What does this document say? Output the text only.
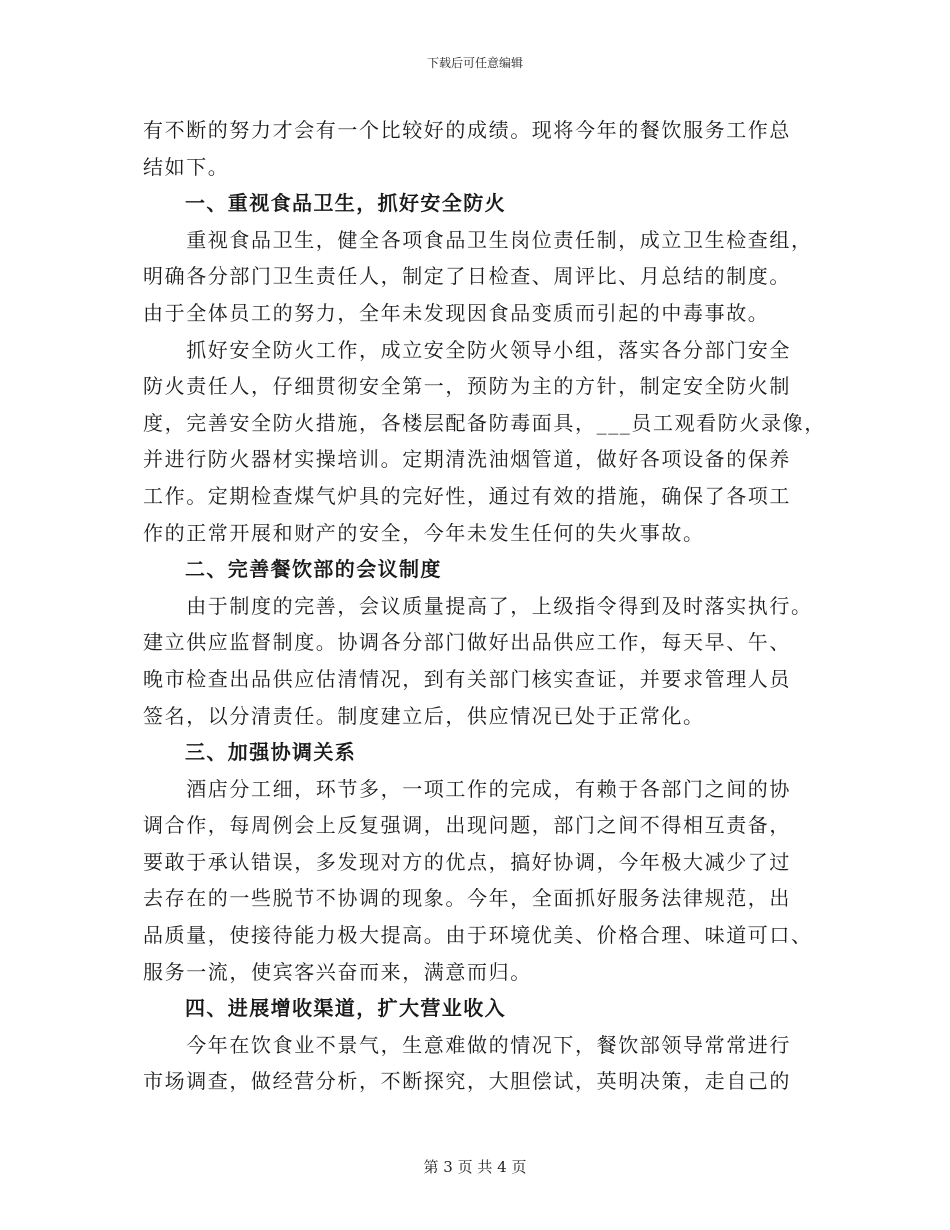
下载后可任意编辑
有不断的努力才会有一个比较好的成绩。现将今年的餐饮服务工作总
结如下。
一、重视食品卫生，抓好安全防火
　　重视食品卫生，健全各项食品卫生岗位责任制，成立卫生检查组，
明确各分部门卫生责任人，制定了日检查、周评比、月总结的制度。
由于全体员工的努力，全年未发现因食品变质而引起的中毒事故。
　　抓好安全防火工作，成立安全防火领导小组，落实各分部门安全
防火责任人，仔细贯彻安全第一，预防为主的方针，制定安全防火制
度，完善安全防火措施，各楼层配备防毒面具，___员工观看防火录像，
并进行防火器材实操培训。定期清洗油烟管道，做好各项设备的保养
工作。定期检查煤气炉具的完好性，通过有效的措施，确保了各项工
作的正常开展和财产的安全，今年未发生任何的失火事故。
二、完善餐饮部的会议制度
　　由于制度的完善，会议质量提高了，上级指令得到及时落实执行。
建立供应监督制度。协调各分部门做好出品供应工作，每天早、午、
晚市检查出品供应估清情况，到有关部门核实查证，并要求管理人员
签名，以分清责任。制度建立后，供应情况已处于正常化。
三、加强协调关系
　　酒店分工细，环节多，一项工作的完成，有赖于各部门之间的协
调合作，每周例会上反复强调，出现问题，部门之间不得相互责备，
要敢于承认错误，多发现对方的优点，搞好协调，今年极大减少了过
去存在的一些脱节不协调的现象。今年，全面抓好服务法律规范，出
品质量，使接待能力极大提高。由于环境优美、价格合理、味道可口、
服务一流，使宾客兴奋而来，满意而归。
四、进展增收渠道，扩大营业收入
　　今年在饮食业不景气，生意难做的情况下，餐饮部领导常常进行
市场调查，做经营分析，不断探究，大胆偿试，英明决策，走自己的
第 3 页 共 4 页
